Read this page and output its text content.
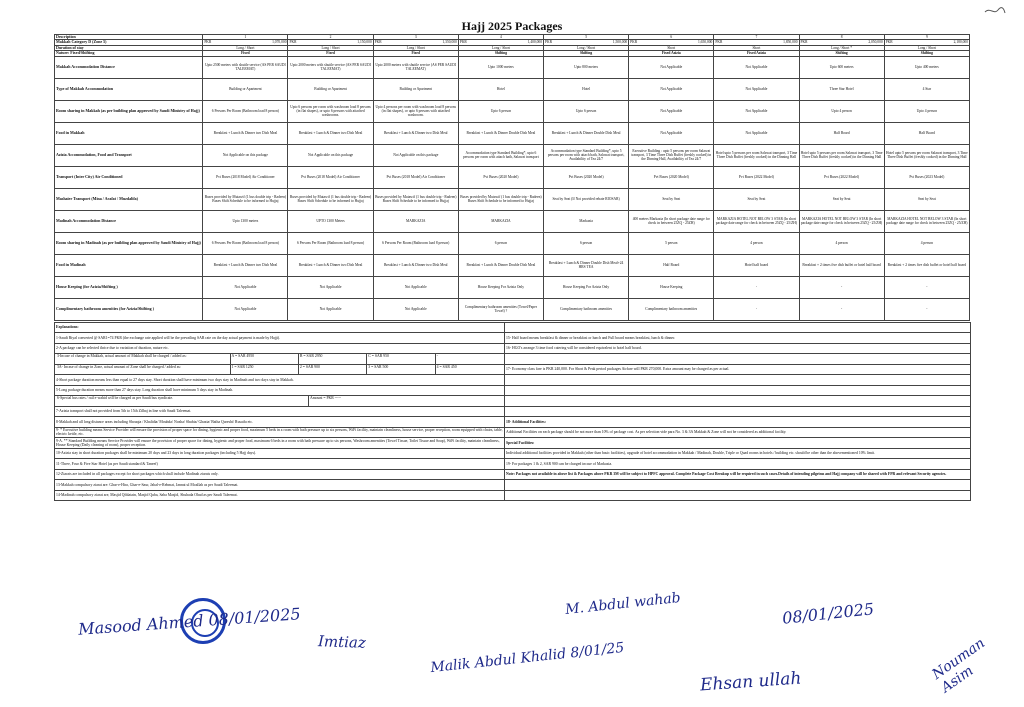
Hajj 2025 Packages
Description	1	2	3	4	5	6	7	8	9
Makkah Category D (Zone 5)	PKR 1,070,000	PKR 1,150,000	PKR 1,350,000	PKR 1,400,000	PKR 1,500,000	PKR 1,650,000	PKR 1,850,000	PKR 2,050,000	PKR 2,180,000

Duration of stay	Long / Short	Long / Short	Long / Short	Long / Short	Long / Short	Short	Short	Long / Short *	Long / Short
Nature: Fixed/Shifting	Fixed	Fixed	Fixed	Shifting	Shifting	Fixed Aziziа	Fixed Azizia	Shifting	Shifting
Makkah Accommodation Distance	Upto 2500 meters with shuttle service (AS PER SAUDI TALEEMAT)	Upto 2000 meters with shuttle service (AS PER SAUDI TALEEMAT)	Upto 2000 meters with shuttle service (AS PER SAUDI TALEEMAT)	Upto 1000 meters	Upto 800 meters	Not Applicable	Not Applicable	Upto 600 meters	Upto 400 meters
Type of Makkah Accommodation	Building or Apartment	Building or Apartment	Building or Apartment	Hotel	Hotel	Not Applicable	Not Applicable	Three Star Hotel	4 Star
Room sharing in Makkah (as per building plan approved by Saudi Ministry of Hajj)	6 Persons Per Room (Bathroom load 8 person)	Upto 6 persons per room with washroom load 8 persons (in flat shapes), or upto 6 persons with attached washrooms.	Upto 4 persons per room with washroom load 8 persons (in flat shapes), or upto 6 persons with attached washroom.	Upto 6 person	Upto 6 person	Not Applicable	Not Applicable	Upto 4 person	Upto 4 person
Food in Makkah	Breakfast + Lunch & Dinner two Dish Meal	Breakfast + Lunch & Dinner two Dish Meal	Breakfast + Lunch & Dinner two Dish Meal	Breakfast + Lunch & Dinner Double Dish Meal	Breakfast + Lunch & Dinner Double Dish Meal	Not Applicable	Not Applicable	Half Board	Half Board
Azizia Accommodation, Food and Transport	Not Applicable on this package	Not Applicable on this package	Not Applicable on this package	Accommodation type Standard Building*, upto 6 persons per room with attach bath, Salawat transport	Accommodation type Standard Building*, upto 5 persons per room with attach bath, Salawat transport, Availability of Tea 24/7	Executive Building : upto 5 persons per room Salawat transport, 3 Time Three Dish Buffet (freshly cooked) in the Dinning Hall, Availability of Tea 24/7	Hotel upto 5 persons per room Salawat transport, 3 Time Three Dish Buffet (freshly cooked) in the Dinning Hall	Hotel upto 5 persons per room Salawat transport, 3 Time Three Dish Buffet (freshly cooked) in the Dinning Hall	Hotel upto 5 persons per room Salawat transport, 3 Time Three Dish Buffet (freshly cooked) in the Dinning Hall
Transport (Inter City) Air Conditioned	Pvt Buses (2018 Model) Air Conditioner	Pvt Buses (2018 Model) Air Conditioner	Pvt Buses (2018 Model) Air Conditioner	Pvt Buses (2020 Model)	Pvt Buses (2020 Model)	Pvt Buses (2020 Model)	Pvt Buses (2022 Model)	Pvt Buses (2022 Model)	Pvt Buses (2023 Model)
Mashaier Transport (Mina / Arafat / Muzdalifa)	Buses provided by Mutawif (1 bus double trip - Radeen) Buses Shift Schedule to be informed to Hujjaj	Buses provided by Mutawif (1 bus double trip - Radeen) Buses Shift Schedule to be informed to Hujjaj	Buses provided by Mutawif (1 bus double trip - Radeen) Buses Shift Schedule to be informed to Hujjaj	Buses provided by Mutawif (1 bus double trip - Radeen) Buses Shift Schedule to be informed to Hujjaj	Seat by Seat (If Not provided rebate RIOSAR)	Seat by Seat	Seat by Seat	Seat by Seat	Seat by Seat
Madinah Accommodation Distance	Upto 1300 meters	UPTO 1300 Meters	MARKAZIA	MARKAZIA	Markazia	400 meters Markazia (In short package date range for check in between 25ZQ - 25ZH)	MARKAZIA HOTEL NOT BELOW 3 STAR (In short package date range for check in between 25ZQ - 25/ZH)	MARKAZIA HOTEL NOT BELOW 3 STAR (In short package date range for check in between 25ZQ - 25/ZH)	MARKAZIA HOTEL NOT BELOW 3 STAR (In short package date range for check in between 25ZQ - 25/ZH)
Room sharing in Madinah (as per building plan approved by Saudi Ministry of Hajj)	6 Persons Per Room (Bathroom load 8 person)	6 Persons Per Room (Bathroom load 8 person)	6 Persons Per Room (Bathroom load 8 person)	6 person	6 person	5 person	4 person	4 person	4 person
Food in Madinah	Breakfast + Lunch & Dinner two Dish Meal	Breakfast + Lunch & Dinner two Dish Meal	Breakfast + Lunch & Dinner two Dish Meal	Breakfast + Lunch & Dinner Double Dish Meal	Breakfast + Lunch & Dinner Double Dish Meal+24 HRS TEA	Half Board	Hotel half board	Breakfast + 2 times five dish buffet or hotel half board	Breakfast + 2 times five dish buffet or hotel half board
House Keeping (for Azizia/Shifting )	Not Applicable	Not Applicable	Not Applicable	House Keeping For Azizia Only	House Keeping For Azizia Only	House Keeping	-	-	-
Complimentary bathroom amenities (for Azizia/Shifting )	Not Applicable	Not Applicable	Not Applicable	Complimentary bathroom amenities (Towel/Paper Towel) ?	Complimentary bathroom amenities	Complimentary bathroom amenities	-	-	-
Explanations:	
1-Saudi Riyal converted @ SAR1=74 PKR (the exchange rate applied will be the prevailing SAR rate on the day actual payment is made by Hajji).	15- Half board means breakfast & dinner or breakfast or lunch and Full board means breakfast, lunch & dinner.
2-A package can be selected thrice due to variation of duration, nature etc.	16- HGO's arrange 3 time food catering will be considered equivalent to hotel half board.

3-Incase of change in Makkah, actual amount of Makkah shall be charged / added as: A = SAR 4950 B = SAR 2950 C = SAR 950 -	

3A- Incase of change in Zone, actual amount of Zone shall be charged / added as: 1 = SAR 1250 2 = SAR 900 3 = SAR 500 4 = SAR 450	17- Economy class fare is PKR 240,000. For Short & Peak period packages Airfare will PKR 270,000. Extra amount may be charged as per actual.
4-Short package duration means less than equal to 27 days stay. Short duration shall have minimum two days stay in Madinah and two days stay in Makkah.	
5-Long package duration means more than 27 days stay. Long duration shall have minimum 5 days stay in Madinah.	

6-Special bus rates / rail e-wahid will be charged as per Saudi bus syndicate. Amount = PKR -----	

7-Azizia transport shall not provided from 5th to 15th Zilhaj in line with Saudi Taleemat.	
8-Makkah and all long distance areas including Shouqia / Khalidia/ Mouhda/ Nozha/ Shubia/ Ghazia/ Batha Qureshi/ Rusaifa etc.	18- Additional Facilities:
9- * Executive building means Service Provider will ensure the provision of proper space for dining, hygienic and proper food, maximum 5 beds in a room with bath pressure up to six persons, WiFi facility, maintain cleanliness, house service, proper reception, room equipped with chairs, table, electric kettle, etc.	Additional Facilities on each package should be not more than 10% of package cost. As per selection vide para No. 3 & 3A Makkah & Zone will not be considered as additional facility.
9-A. ** Standard Building means Service Provider will ensure the provision of proper space for dining, hygienic and proper food, maximum 6 beds in a room with bath pressure up to six persons, Washroom amenities (Towel Tissue, Toilet Tissue and Soap), WiFi facility, maintain cleanliness, House Keeping (Daily cleaning of room), proper reception.	Special Facilities:
10-Azizia stay in short duration packages shall be minimum 20 days and 23 days in long duration packages (including 5 Hajj days).	Individual additional facilities provided in Makkah (other than basic facilities), upgrade of hotel accommodation in Makkah / Madinah, Double, Triple or Quad rooms in hotels / building etc. should be other than the abovementioned 10% limit.
11-Three, Four & Five Star Hotel (as per Saudi standard & Taneef)	19- For packages 1 & 2, SAR 900 can be charged incase of Markazia.
12-Ziarats are included in all packages except for short packages which shall include Madinah ziarats only.	Note: Packages not available in above list & Packages above PKR 3M will be subject to HPFC approval. Complete Package Cost Breakup will be required in such cases.Details of intending pilgrims and Hajj company will be shared with FPR and relevant Security agencies.
13-Makkah compulsory ziarat are: Ghar-e-Hira, Ghar-e-Saur, Jabal-e-Rehmat, Jannat ul Moallah as per Saudi Taleemat.	
14-Madinah compulsory ziarat are, Masjid Qiblatain, Masjid Quba, Saba Masjid, Shuhada Ohad as per Saudi Taleemat.	
Masood Ahmed 08/01/2025
M. Abdul wahab
Imtiaz	Malik Abdul Khalid 8/01/25
08/01/2025
Ehsan ullah	Nouman Asim
